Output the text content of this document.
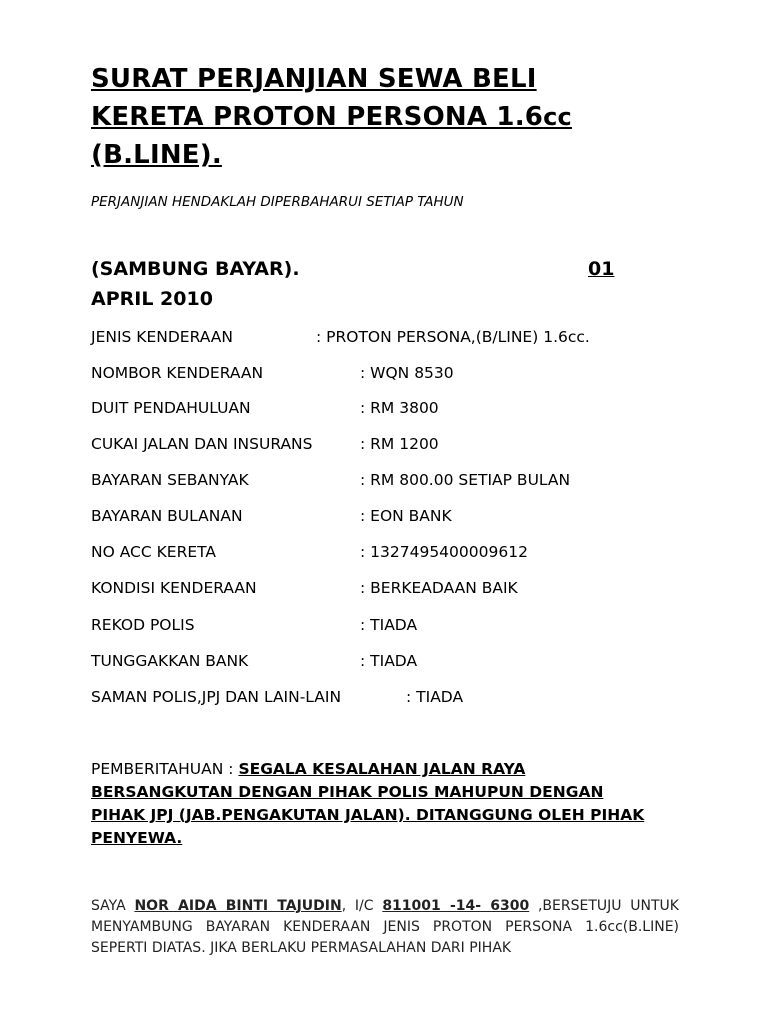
SURAT PERJANJIAN SEWA BELI
KERETA PROTON PERSONA 1.6cc
(B.LINE).
PERJANJIAN HENDAKLAH DIPERBAHARUI SETIAP TAHUN
(SAMBUNG BAYAR).	01
APRIL 2010
JENIS KENDERAAN	: PROTON PERSONA,(B/LINE) 1.6cc.
NOMBOR KENDERAAN	: WQN 8530
DUIT PENDAHULUAN	: RM 3800
CUKAI JALAN DAN INSURANS	: RM 1200
BAYARAN SEBANYAK	: RM 800.00 SETIAP BULAN
BAYARAN BULANAN	: EON BANK
NO ACC KERETA	: 1327495400009612
KONDISI KENDERAAN	: BERKEADAAN BAIK
REKOD POLIS	: TIADA
TUNGGAKKAN BANK	: TIADA
SAMAN POLIS,JPJ DAN LAIN-LAIN	: TIADA
PEMBERITAHUAN : SEGALA KESALAHAN JALAN RAYA BERSANGKUTAN DENGAN PIHAK POLIS MAHUPUN DENGAN PIHAK JPJ (JAB.PENGAKUTAN JALAN). DITANGGUNG OLEH PIHAK PENYEWA.
SAYA NOR AIDA BINTI TAJUDIN, I/C 811001 -14- 6300 ,BERSETUJU UNTUK MENYAMBUNG BAYARAN KENDERAAN JENIS PROTON PERSONA 1.6cc(B.LINE) SEPERTI DIATAS. JIKA BERLAKU PERMASALAHAN DARI PIHAK
